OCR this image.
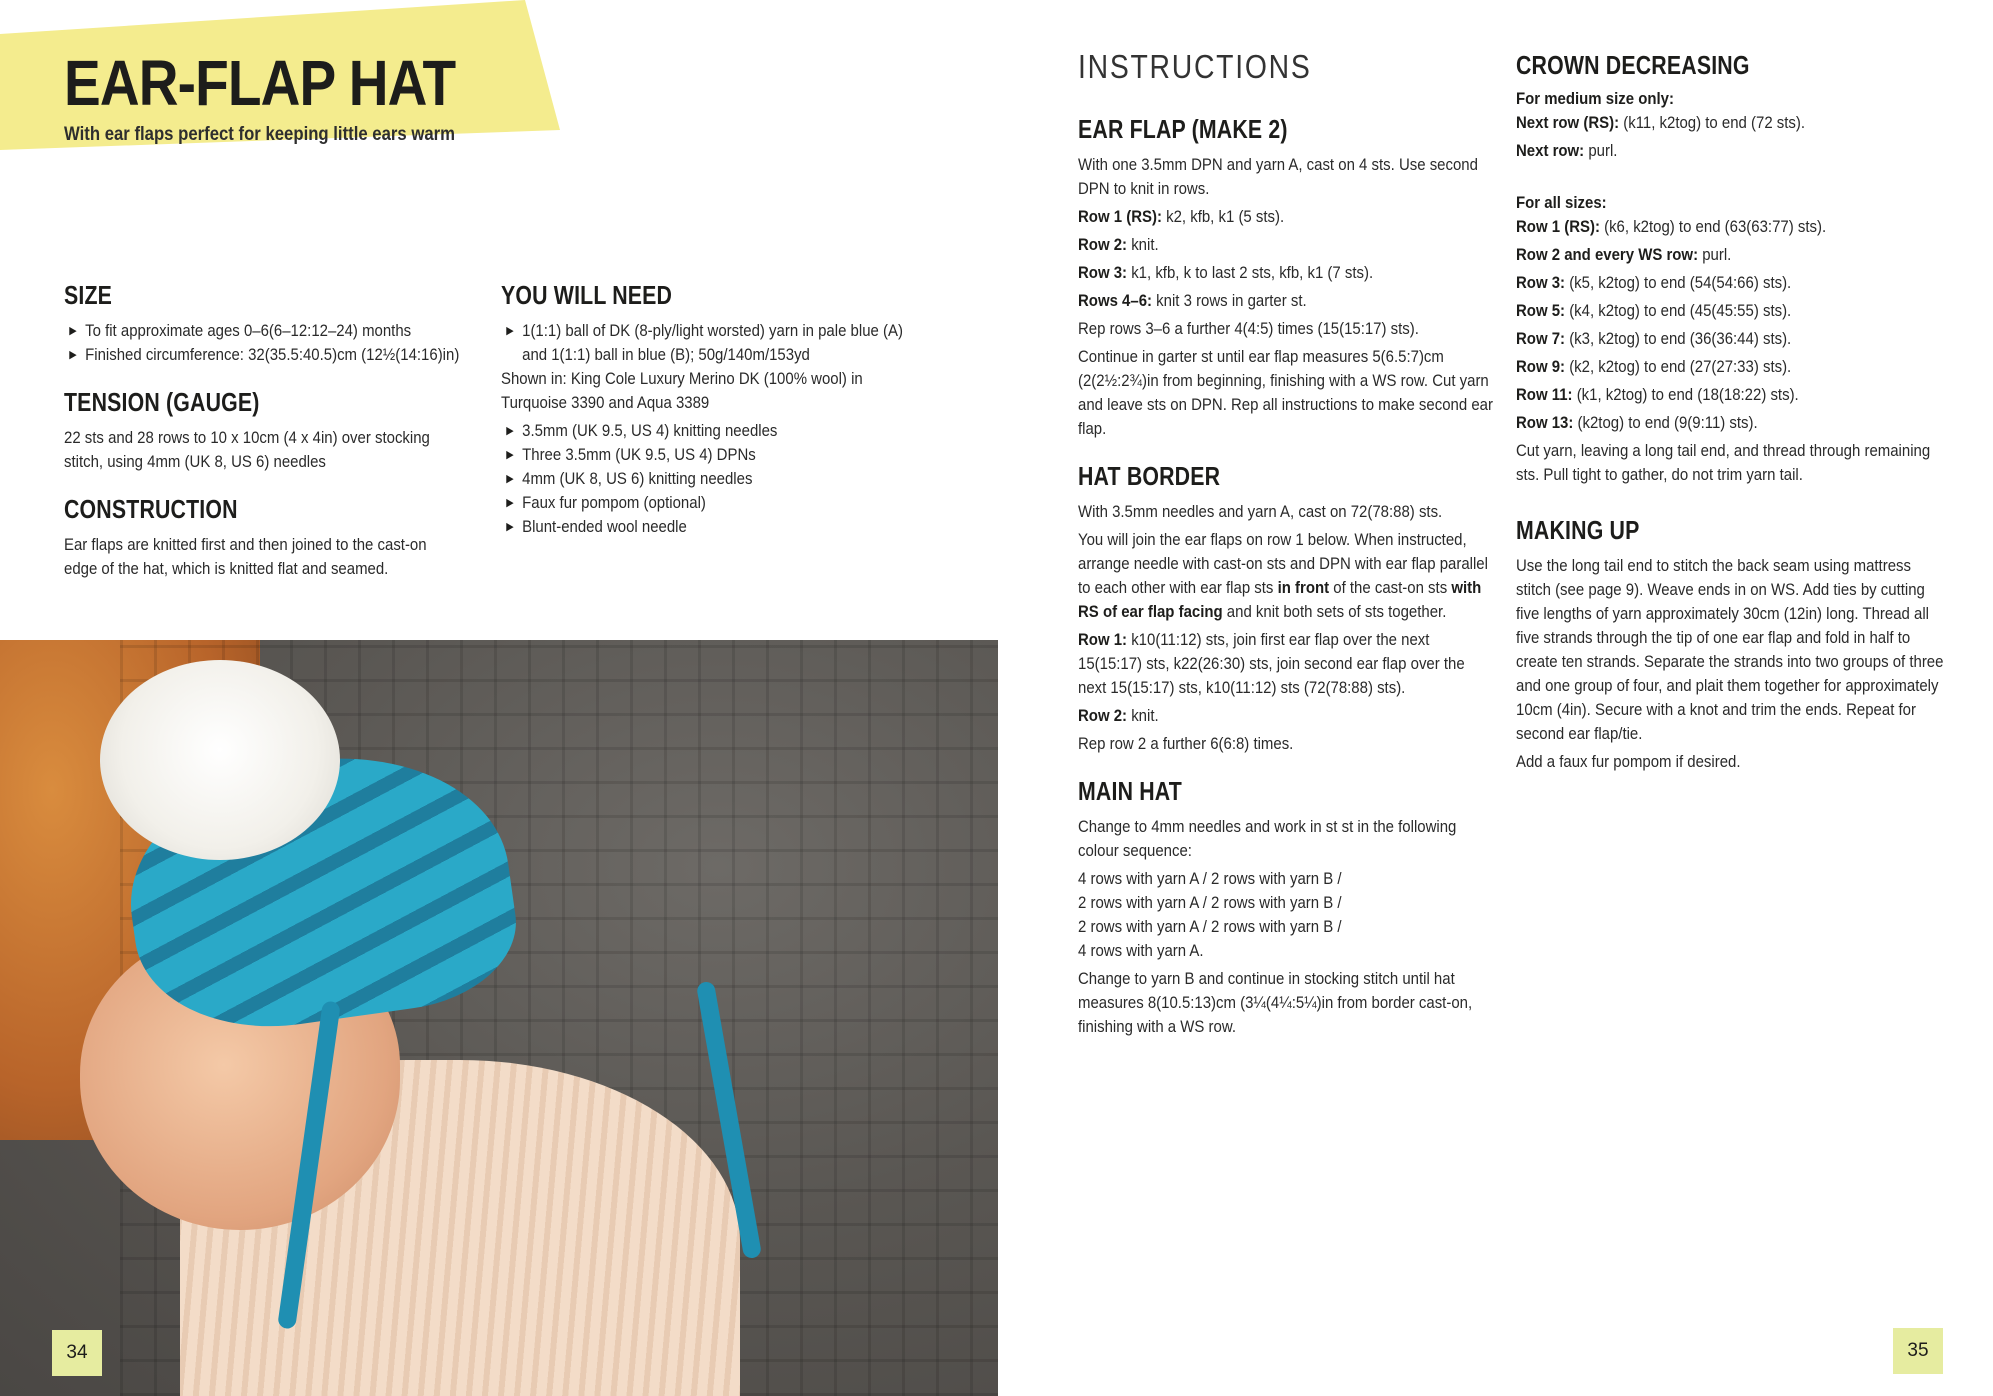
EAR-FLAP HAT

With ear flaps perfect for keeping little ears warm

SIZE
▶ To fit approximate ages 0–6(6–12:12–24) months
▶ Finished circumference: 32(35.5:40.5)cm (12½(14:16)in)
TENSION (GAUGE)

22 sts and 28 rows to 10 x 10cm (4 x 4in) over stocking stitch, using 4mm (UK 8, US 6) needles

CONSTRUCTION

Ear flaps are knitted first and then joined to the cast-on edge of the hat, which is knitted flat and seamed.

YOU WILL NEED
▶ 1(1:1) ball of DK (8-ply/light worsted) yarn in pale blue (A) and 1(1:1) ball in blue (B); 50g/140m/153yd

Shown in: King Cole Luxury Merino DK (100% wool) in Turquoise 3390 and Aqua 3389

▶ 3.5mm (UK 9.5, US 4) knitting needles
▶ Three 3.5mm (UK 9.5, US 4) DPNs
▶ 4mm (UK 8, US 6) knitting needles
▶ Faux fur pompom (optional)
▶ Blunt-ended wool needle
34
INSTRUCTIONS
EAR FLAP (MAKE 2)

With one 3.5mm DPN and yarn A, cast on 4 sts. Use second DPN to knit in rows.

Row 1 (RS): k2, kfb, k1 (5 sts).

Row 2: knit.

Row 3: k1, kfb, k to last 2 sts, kfb, k1 (7 sts).

Rows 4–6: knit 3 rows in garter st.

Rep rows 3–6 a further 4(4:5) times (15(15:17) sts).

Continue in garter st until ear flap measures 5(6.5:7)cm (2(2½:2¾)in from beginning, finishing with a WS row. Cut yarn and leave sts on DPN. Rep all instructions to make second ear flap.

HAT BORDER

With 3.5mm needles and yarn A, cast on 72(78:88) sts.

You will join the ear flaps on row 1 below. When instructed, arrange needle with cast-on sts and DPN with ear flap parallel to each other with ear flap sts in front of the cast-on sts with RS of ear flap facing and knit both sets of sts together.

Row 1: k10(11:12) sts, join first ear flap over the next 15(15:17) sts, k22(26:30) sts, join second ear flap over the next 15(15:17) sts, k10(11:12) sts (72(78:88) sts).

Row 2: knit.

Rep row 2 a further 6(6:8) times.

MAIN HAT

Change to 4mm needles and work in st st in the following colour sequence:

4 rows with yarn A / 2 rows with yarn B /

2 rows with yarn A / 2 rows with yarn B /

2 rows with yarn A / 2 rows with yarn B /

4 rows with yarn A.

Change to yarn B and continue in stocking stitch until hat measures 8(10.5:13)cm (3¼(4¼:5¼)in from border cast-on, finishing with a WS row.

CROWN DECREASING

For medium size only:

Next row (RS): (k11, k2tog) to end (72 sts).

Next row: purl.

For all sizes:

Row 1 (RS): (k6, k2tog) to end (63(63:77) sts).

Row 2 and every WS row: purl.

Row 3: (k5, k2tog) to end (54(54:66) sts).

Row 5: (k4, k2tog) to end (45(45:55) sts).

Row 7: (k3, k2tog) to end (36(36:44) sts).

Row 9: (k2, k2tog) to end (27(27:33) sts).

Row 11: (k1, k2tog) to end (18(18:22) sts).

Row 13: (k2tog) to end (9(9:11) sts).

Cut yarn, leaving a long tail end, and thread through remaining sts. Pull tight to gather, do not trim yarn tail.

MAKING UP

Use the long tail end to stitch the back seam using mattress stitch (see page 9). Weave ends in on WS. Add ties by cutting five lengths of yarn approximately 30cm (12in) long. Thread all five strands through the tip of one ear flap and fold in half to create ten strands. Separate the strands into two groups of three and one group of four, and plait them together for approximately 10cm (4in). Secure with a knot and trim the ends. Repeat for second ear flap/tie.

Add a faux fur pompom if desired.

35
